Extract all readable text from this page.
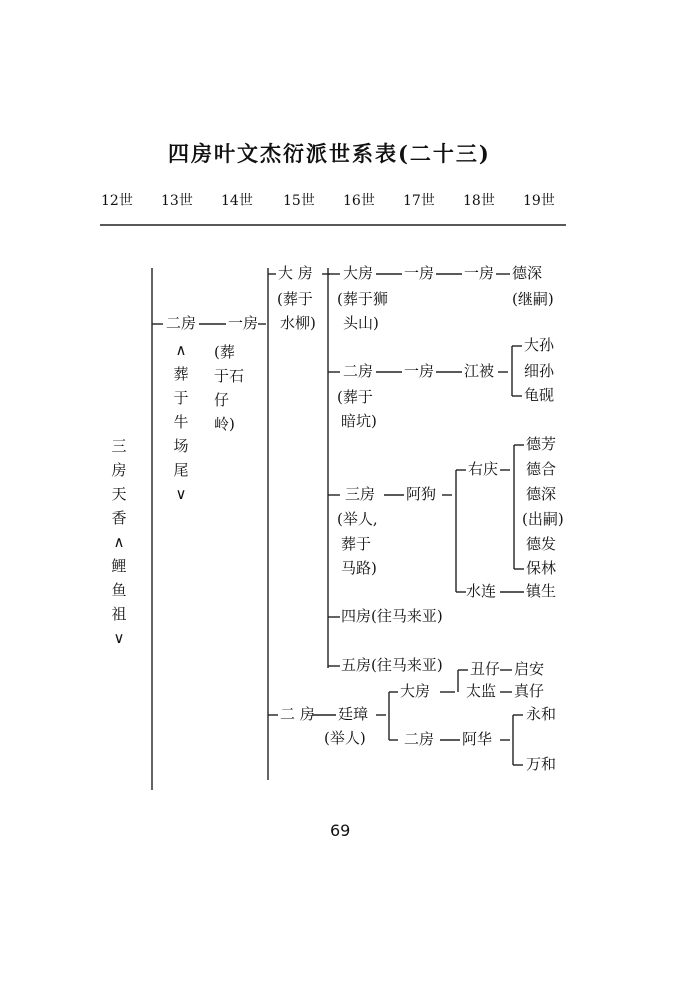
四房叶文杰衍派世系表(二十三)
12世 13世 14世 15世 16世 17世 18世 19世
三房天香
∧鲤鱼祖∨
二房
∧葬于牛场尾∨
一房
(葬于石仔岭)
大 房
(葬于
水柳)
二 房
大房
(葬于狮
头山)
二房
(葬于
暗坑)
三房
(举人,
葬于
马路)
四房(往马来亚)
五房(往马来亚)
廷璋
(举人)
一房
一房
阿狗
大房
二房
一房
江被
右庆
水连
丑仔
太监
阿华
德深
(继嗣)
大孙
细孙
龟砚
德芳
德合
德深
(出嗣)
德发
保林
镇生
启安
真仔
永和
万和
69
